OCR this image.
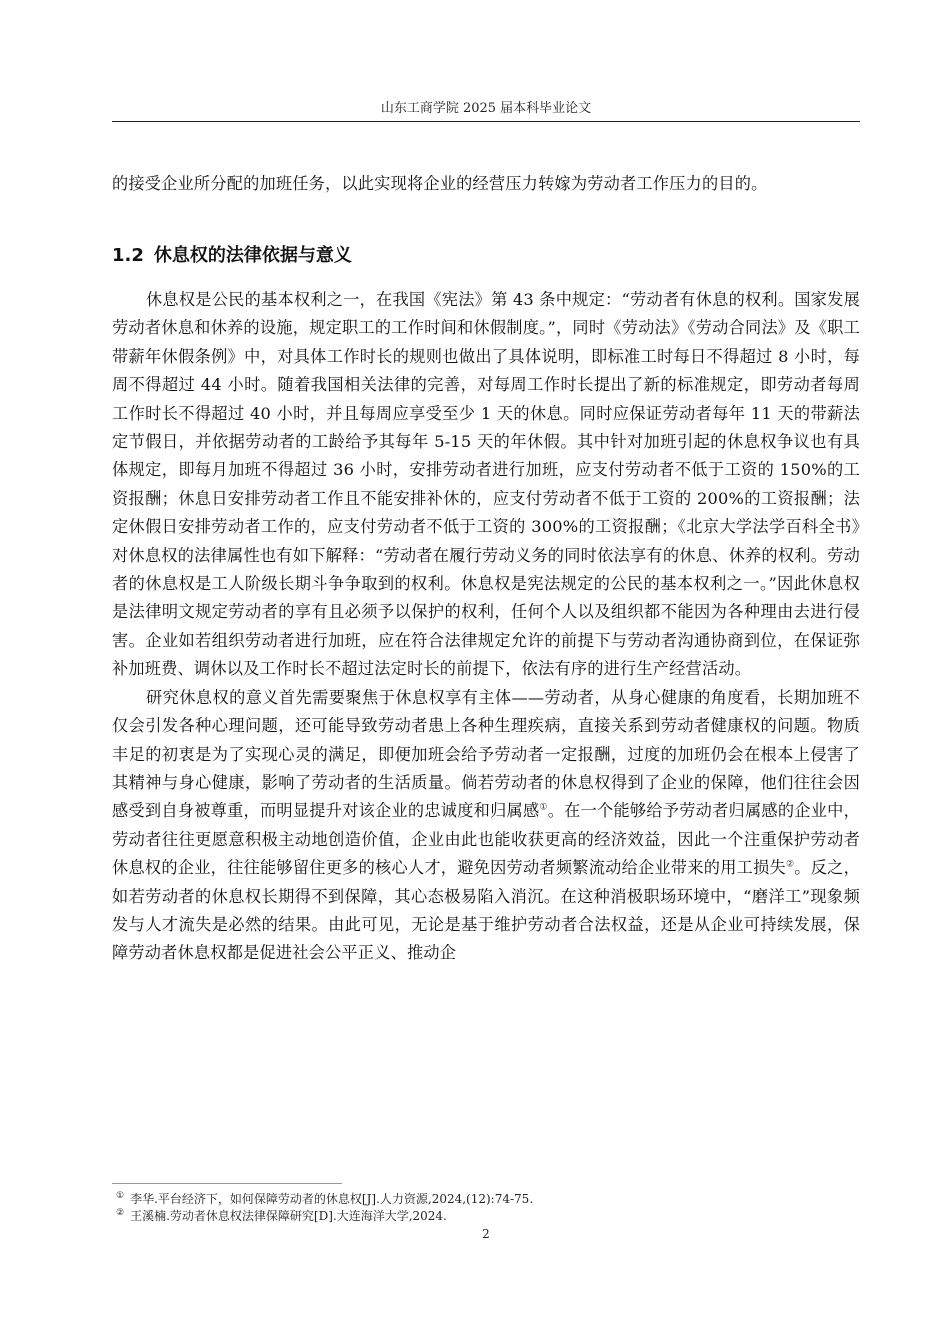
山东工商学院 2025 届本科毕业论文

的接受企业所分配的加班任务，以此实现将企业的经营压力转嫁为劳动者工作压力的目的。

1.2 休息权的法律依据与意义

休息权是公民的基本权利之一，在我国《宪法》第 43 条中规定：“劳动者有休息的权利。国家发展劳动者休息和休养的设施，规定职工的工作时间和休假制度。”，同时《劳动法》《劳动合同法》及《职工带薪年休假条例》中，对具体工作时长的规则也做出了具体说明，即标准工时每日不得超过 8 小时，每周不得超过 44 小时。随着我国相关法律的完善，对每周工作时长提出了新的标准规定，即劳动者每周工作时长不得超过 40 小时，并且每周应享受至少 1 天的休息。同时应保证劳动者每年 11 天的带薪法定节假日，并依据劳动者的工龄给予其每年 5-15 天的年休假。其中针对加班引起的休息权争议也有具体规定，即每月加班不得超过 36 小时，安排劳动者进行加班，应支付劳动者不低于工资的 150%的工资报酬；休息日安排劳动者工作且不能安排补休的，应支付劳动者不低于工资的 200%的工资报酬；法定休假日安排劳动者工作的，应支付劳动者不低于工资的 300%的工资报酬；《北京大学法学百科全书》对休息权的法律属性也有如下解释：“劳动者在履行劳动义务的同时依法享有的休息、休养的权利。劳动者的休息权是工人阶级长期斗争争取到的权利。休息权是宪法规定的公民的基本权利之一。”因此休息权是法律明文规定劳动者的享有且必须予以保护的权利，任何个人以及组织都不能因为各种理由去进行侵害。企业如若组织劳动者进行加班，应在符合法律规定允许的前提下与劳动者沟通协商到位，在保证弥补加班费、调休以及工作时长不超过法定时长的前提下，依法有序的进行生产经营活动。

研究休息权的意义首先需要聚焦于休息权享有主体——劳动者，从身心健康的角度看，长期加班不仅会引发各种心理问题，还可能导致劳动者患上各种生理疾病，直接关系到劳动者健康权的问题。物质丰足的初衷是为了实现心灵的满足，即便加班会给予劳动者一定报酬，过度的加班仍会在根本上侵害了其精神与身心健康，影响了劳动者的生活质量。倘若劳动者的休息权得到了企业的保障，他们往往会因感受到自身被尊重，而明显提升对该企业的忠诚度和归属感①。在一个能够给予劳动者归属感的企业中，劳动者往往更愿意积极主动地创造价值，企业由此也能收获更高的经济效益，因此一个注重保护劳动者休息权的企业，往往能够留住更多的核心人才，避免因劳动者频繁流动给企业带来的用工损失②。反之，如若劳动者的休息权长期得不到保障，其心态极易陷入消沉。在这种消极职场环境中，“磨洋工”现象频发与人才流失是必然的结果。由此可见，无论是基于维护劳动者合法权益，还是从企业可持续发展，保障劳动者休息权都是促进社会公平正义、推动企

① 李华.平台经济下，如何保障劳动者的休息权[J].人力资源,2024,(12):74-75.

② 王溪楠.劳动者休息权法律保障研究[D].大连海洋大学,2024.

2
